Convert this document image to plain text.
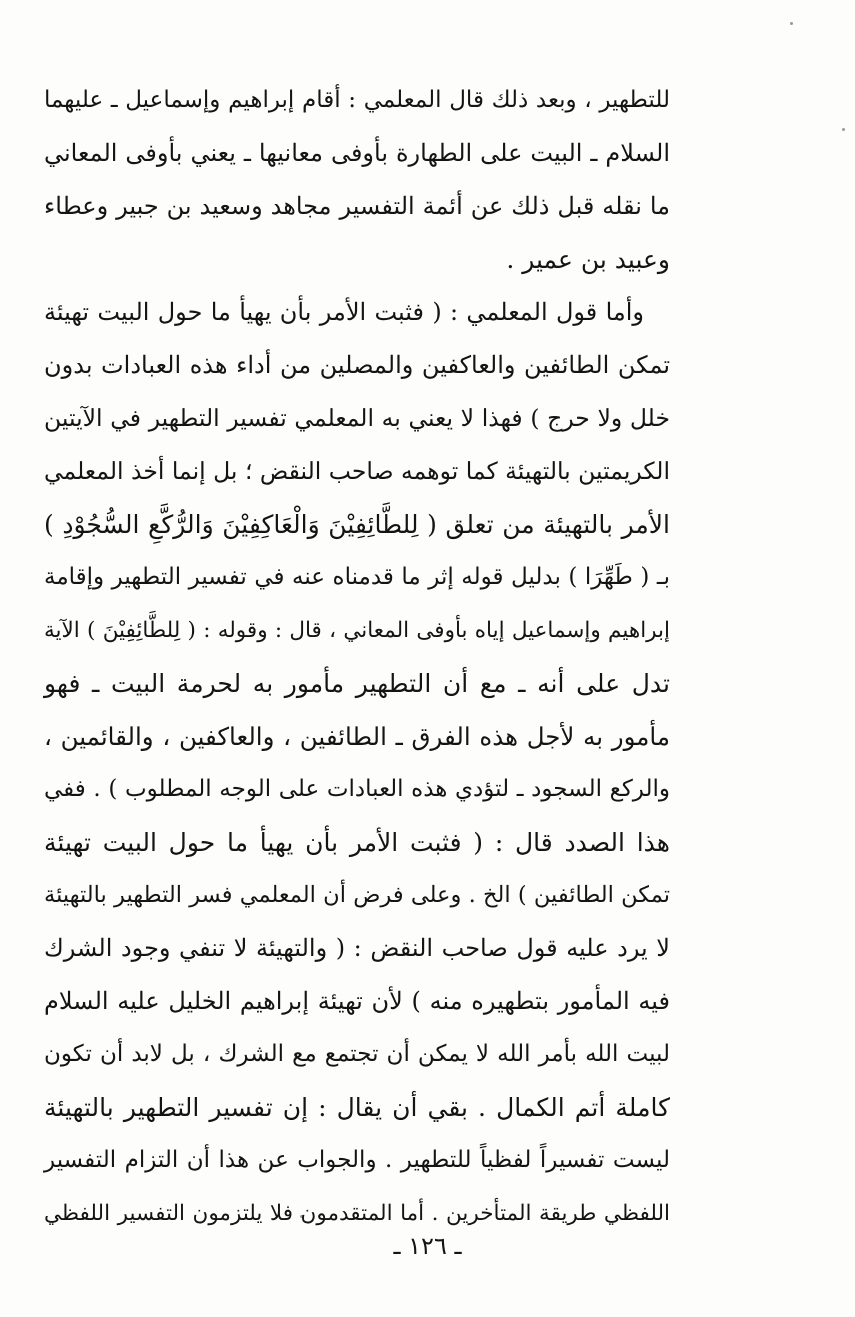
للتطهير ، وبعد ذلك قال المعلمي : أقام إبراهيم وإسماعيل ـ عليهما
السلام ـ البيت على الطهارة بأوفى معانيها ـ يعني بأوفى المعاني
ما نقله قبل ذلك عن أئمة التفسير مجاهد وسعيد بن جبير وعطاء
وعبيد بن عمير .
وأما قول المعلمي : ( فثبت الأمر بأن يهيأ ما حول البيت تهيئة
تمكن الطائفين والعاكفين والمصلين من أداء هذه العبادات بدون
خلل ولا حرج ) فهذا لا يعني به المعلمي تفسير التطهير في الآيتين
الكريمتين بالتهيئة كما توهمه صاحب النقض ؛ بل إنما أخذ المعلمي
الأمر بالتهيئة من تعلق ( لِلطَّائِفِيْنَ وَالْعَاكِفِيْنَ وَالرُّكَّعِ السُّجُوْدِ )
بـ ( طَهِّرَا ) بدليل قوله إثر ما قدمناه عنه في تفسير التطهير وإقامة
إبراهيم وإسماعيل إياه بأوفى المعاني ، قال : وقوله : ( لِلطَّائِفِيْنَ ) الآية
تدل على أنه ـ مع أن التطهير مأمور به لحرمة البيت ـ فهو
مأمور به لأجل هذه الفرق ـ الطائفين ، والعاكفين ، والقائمين ،
والركع السجود ـ لتؤدي هذه العبادات على الوجه المطلوب ) . ففي
هذا الصدد قال : ( فثبت الأمر بأن يهيأ ما حول البيت تهيئة
تمكن الطائفين ) الخ . وعلى فرض أن المعلمي فسر التطهير بالتهيئة
لا يرد عليه قول صاحب النقض : ( والتهيئة لا تنفي وجود الشرك
فيه المأمور بتطهيره منه ) لأن تهيئة إبراهيم الخليل عليه السلام
لبيت الله بأمر الله لا يمكن أن تجتمع مع الشرك ، بل لابد أن تكون
كاملة أتم الكمال . بقي أن يقال : إن تفسير التطهير بالتهيئة
ليست تفسيراً لفظياً للتطهير . والجواب عن هذا أن التزام التفسير
اللفظي طريقة المتأخرين . أما المتقدمون فلا يلتزمون التفسير اللفظي
ـ ١٢٦ ـ
